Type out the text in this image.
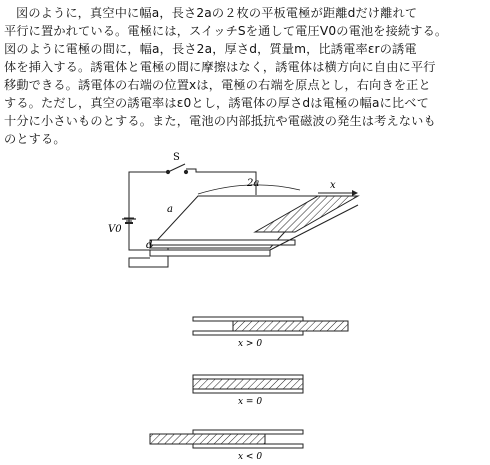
図のように，真空中に幅a，長さ2aの２枚の平板電極が距離dだけ離れて
平行に置かれている。電極には，スイッチSを通して電圧V0の電池を接続する。
図のように電極の間に，幅a，長さ2a，厚さd，質量m，比誘電率εrの誘電
体を挿入する。誘電体と電極の間に摩擦はなく，誘電体は横方向に自由に平行
移動できる。誘電体の右端の位置xは，電極の右端を原点とし，右向きを正と
する。ただし，真空の誘電率はε0とし，誘電体の厚さdは電極の幅aに比べて
十分に小さいものとする。また，電池の内部抵抗や電磁波の発生は考えないも
のとする。
S
2a	x
a
V0
d
x > 0
x = 0
x < 0
